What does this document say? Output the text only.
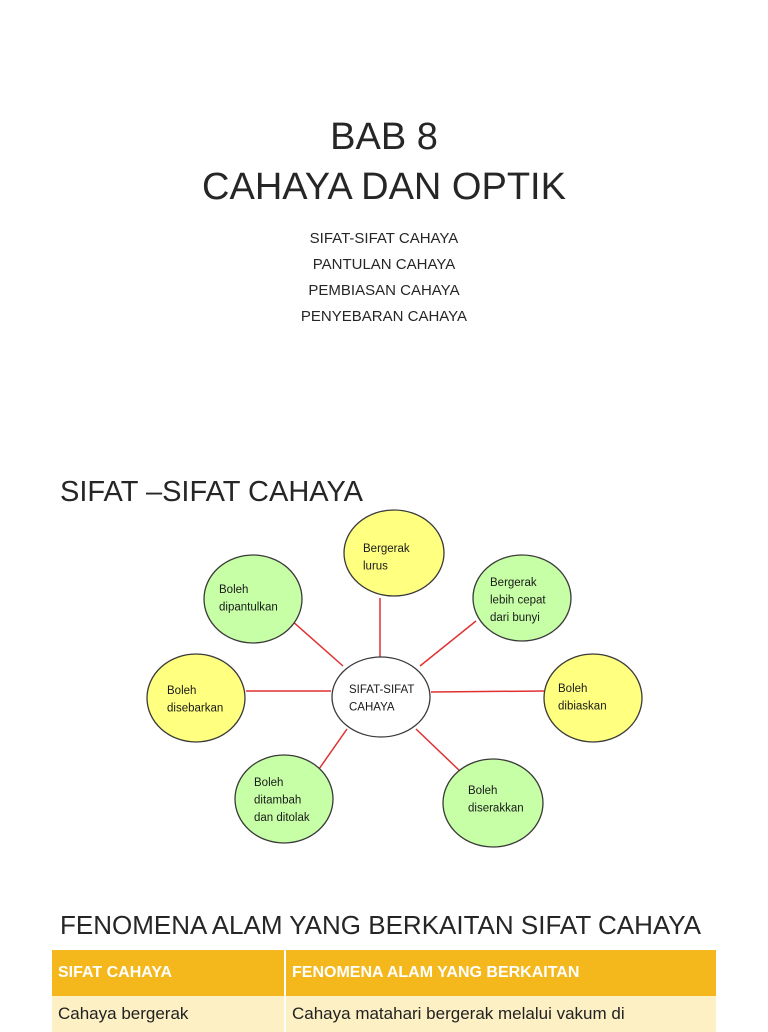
BAB 8
CAHAYA DAN OPTIK
SIFAT-SIFAT CAHAYA
PANTULAN CAHAYA
PEMBIASAN CAHAYA
PENYEBARAN CAHAYA
Bergerak lurus
Bergerak lebih cepat dari bunyi
Boleh dibiaskan
Boleh diserakkan
Boleh ditambah dan ditolak
Boleh disebarkan
Boleh dipantulkan
SIFAT-SIFAT CAHAYA
SIFAT –SIFAT CAHAYA
FENOMENA ALAM YANG BERKAITAN SIFAT CAHAYA
SIFAT CAHAYA	FENOMENA ALAM YANG BERKAITAN
Cahaya bergerak	Cahaya matahari bergerak melalui vakum di
